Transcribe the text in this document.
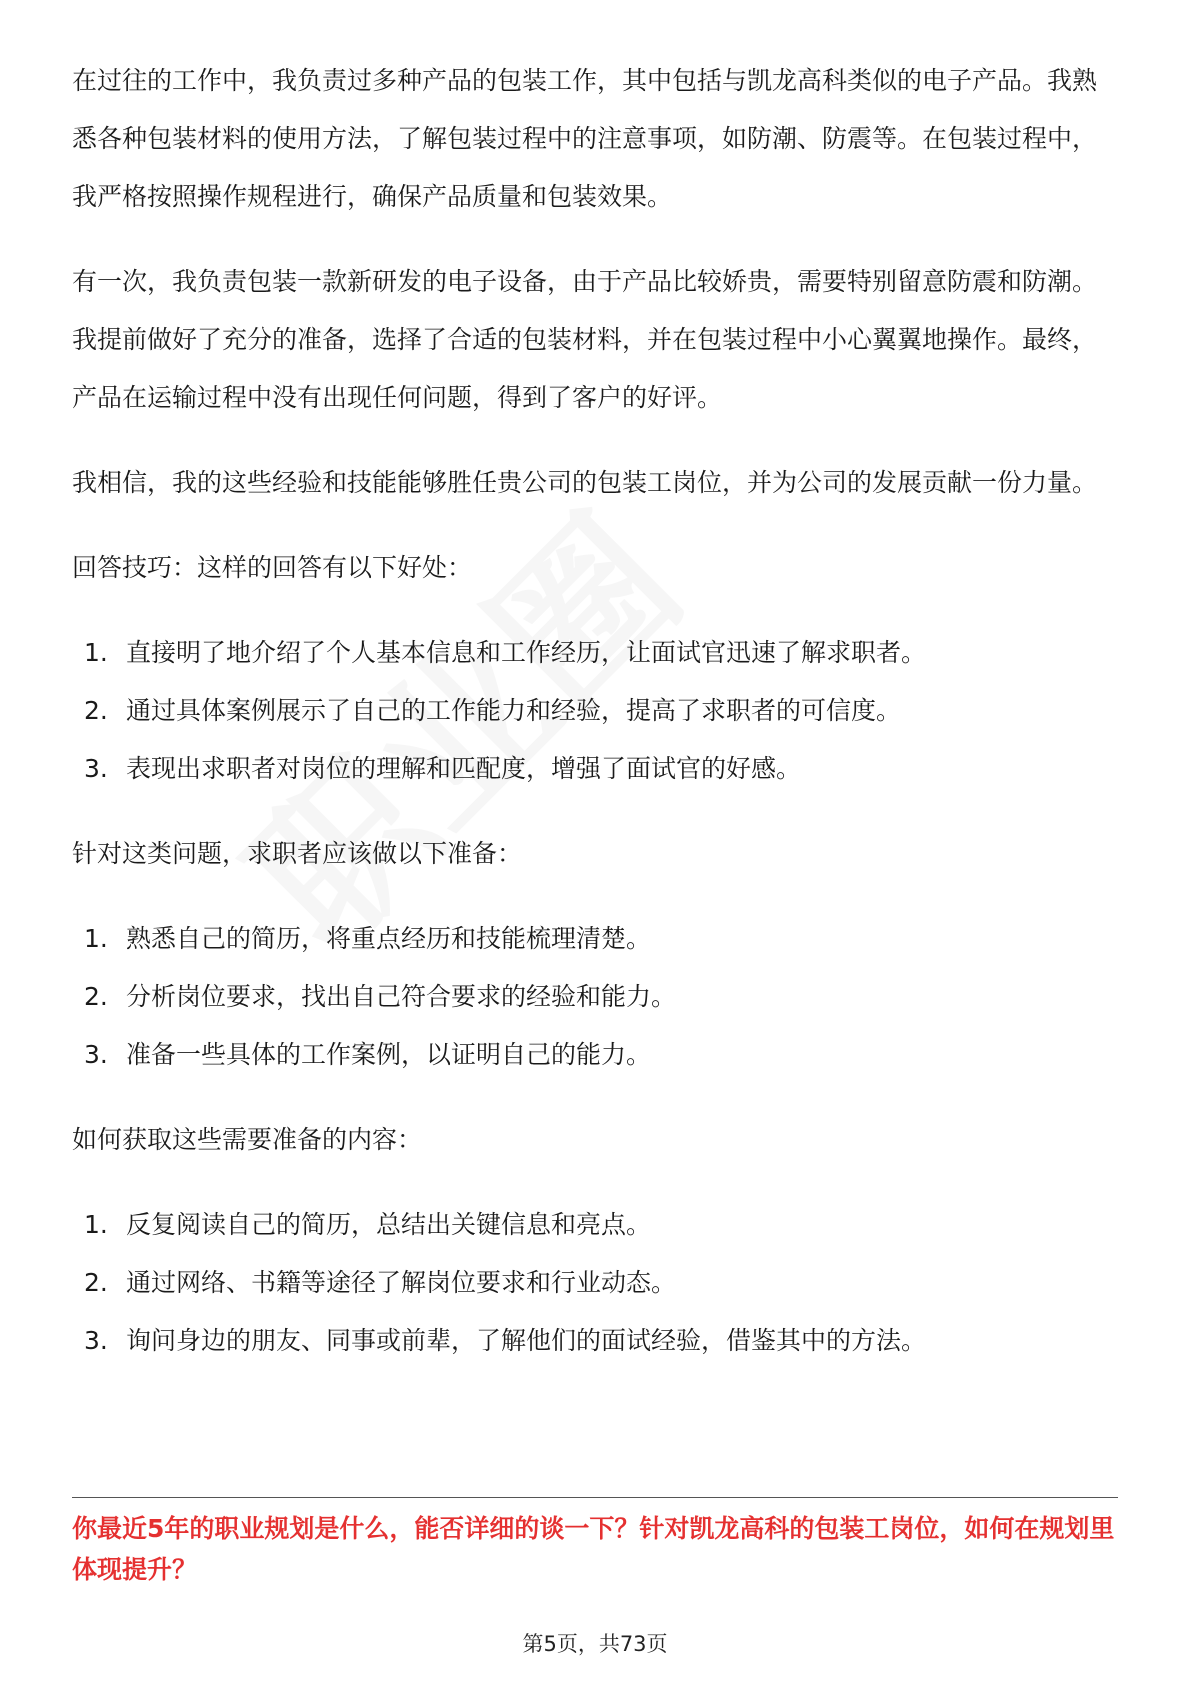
在过往的工作中，我负责过多种产品的包装工作，其中包括与凯龙高科类似的电子产品。我熟悉各种包装材料的使用方法，了解包装过程中的注意事项，如防潮、防震等。在包装过程中，我严格按照操作规程进行，确保产品质量和包装效果。

有一次，我负责包装一款新研发的电子设备，由于产品比较娇贵，需要特别留意防震和防潮。我提前做好了充分的准备，选择了合适的包装材料，并在包装过程中小心翼翼地操作。最终，产品在运输过程中没有出现任何问题，得到了客户的好评。

我相信，我的这些经验和技能能够胜任贵公司的包装工岗位，并为公司的发展贡献一份力量。

回答技巧：这样的回答有以下好处：

1. 直接明了地介绍了个人基本信息和工作经历，让面试官迅速了解求职者。
2. 通过具体案例展示了自己的工作能力和经验，提高了求职者的可信度。
3. 表现出求职者对岗位的理解和匹配度，增强了面试官的好感。

针对这类问题，求职者应该做以下准备：

1. 熟悉自己的简历，将重点经历和技能梳理清楚。
2. 分析岗位要求，找出自己符合要求的经验和能力。
3. 准备一些具体的工作案例，以证明自己的能力。

如何获取这些需要准备的内容：

1. 反复阅读自己的简历，总结出关键信息和亮点。
2. 通过网络、书籍等途径了解岗位要求和行业动态。
3. 询问身边的朋友、同事或前辈，了解他们的面试经验，借鉴其中的方法。
你最近5年的职业规划是什么，能否详细的谈一下？针对凯龙高科的包装工岗位，如何在规划里体现提升？
第5页，共73页
